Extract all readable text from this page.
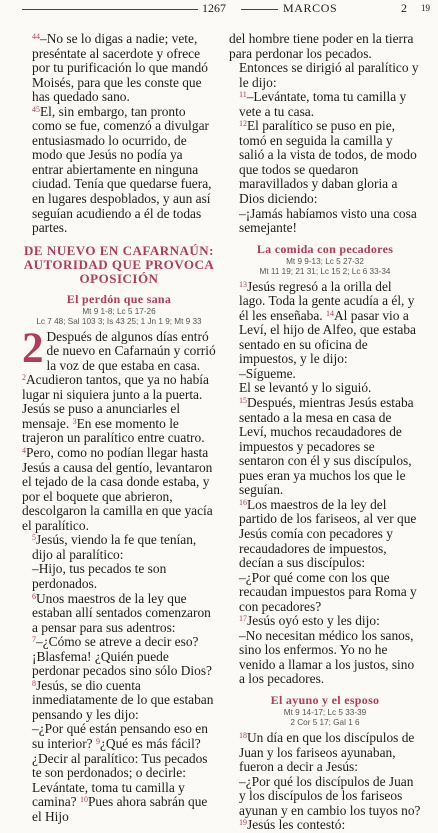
1267	MARCOS	2 19

$^{44}$–No se lo digas a nadie; vete, preséntate al sacerdote y ofrece por tu purificación lo que mandó Moisés, para que les conste que has quedado sano.

$^{45}$El, sin embargo, tan pronto como se fue, comenzó a divulgar entusiasmado lo ocurrido, de modo que Jesús no podía ya entrar abiertamente en ninguna ciudad. Tenía que quedarse fuera, en lugares despoblados, y aun así seguían acudiendo a él de todas partes.

DE NUEVO EN CAFARNAÚN: AUTORIDAD QUE PROVOCA OPOSICIÓN
El perdón que sana
Mt 9 1-8; Lc 5 17-26
Lc 7 48; Sal 103 3; Is 43 25; 1 Jn 1 9; Mt 9 33

2 Después de algunos días entró de nuevo en Cafarnaún y corrió la voz de que estaba en casa. $^2$Acudieron tantos, que ya no había lugar ni siquiera junto a la puerta. Jesús se puso a anunciarles el mensaje. $^3$En ese momento le trajeron un paralítico entre cuatro. $^4$Pero, como no podían llegar hasta Jesús a causa del gentío, levantaron el tejado de la casa donde estaba, y por el boquete que abrieron, descolgaron la camilla en que yacía el paralítico.

$^5$Jesús, viendo la fe que tenían, dijo al paralítico:

–Hijo, tus pecados te son perdonados.

$^6$Unos maestros de la ley que estaban allí sentados comenzaron a pensar para sus adentros:

$^7$–¿Cómo se atreve a decir eso? ¡Blasfema! ¿Quién puede perdonar pecados sino sólo Dios?

$^8$Jesús, se dio cuenta inmediatamente de lo que estaban pensando y les dijo:

–¿Por qué están pensando eso en su interior? $^9$¿Qué es más fácil? ¿Decir al paralítico: Tus pecados te son perdonados; o decirle: Levántate, toma tu camilla y camina? $^{10}$Pues ahora sabrán que el Hijo

del hombre tiene poder en la tierra para perdonar los pecados.

Entonces se dirigió al paralítico y le dijo:

$^{11}$–Levántate, toma tu camilla y vete a tu casa.

$^{12}$El paralítico se puso en pie, tomó en seguida la camilla y salió a la vista de todos, de modo que todos se quedaron maravillados y daban gloria a Dios diciendo:

–¡Jamás habíamos visto una cosa semejante!

La comida con pecadores
Mt 9 9-13; Lc 5 27-32
Mt 11 19; 21 31; Lc 15 2; Lc 6 33-34

$^{13}$Jesús regresó a la orilla del lago. Toda la gente acudía a él, y él les enseñaba. $^{14}$Al pasar vio a Leví, el hijo de Alfeo, que estaba sentado en su oficina de impuestos, y le dijo:

–Sígueme.

El se levantó y lo siguió.

$^{15}$Después, mientras Jesús estaba sentado a la mesa en casa de Leví, muchos recaudadores de impuestos y pecadores se sentaron con él y sus discípulos, pues eran ya muchos los que le seguían.

$^{16}$Los maestros de la ley del partido de los fariseos, al ver que Jesús comía con pecadores y recaudadores de impuestos, decían a sus discípulos:

–¿Por qué come con los que recaudan impuestos para Roma y con pecadores?

$^{17}$Jesús oyó esto y les dijo:

–No necesitan médico los sanos, sino los enfermos. Yo no he venido a llamar a los justos, sino a los pecadores.

El ayuno y el esposo
Mt 9 14-17; Lc 5 33-39
2 Cor 5 17; Gal 1 6

$^{18}$Un día en que los discípulos de Juan y los fariseos ayunaban, fueron a decir a Jesús:

–¿Por qué los discípulos de Juan y los discípulos de los fariseos ayunan y en cambio los tuyos no?

$^{19}$Jesús les contestó:
